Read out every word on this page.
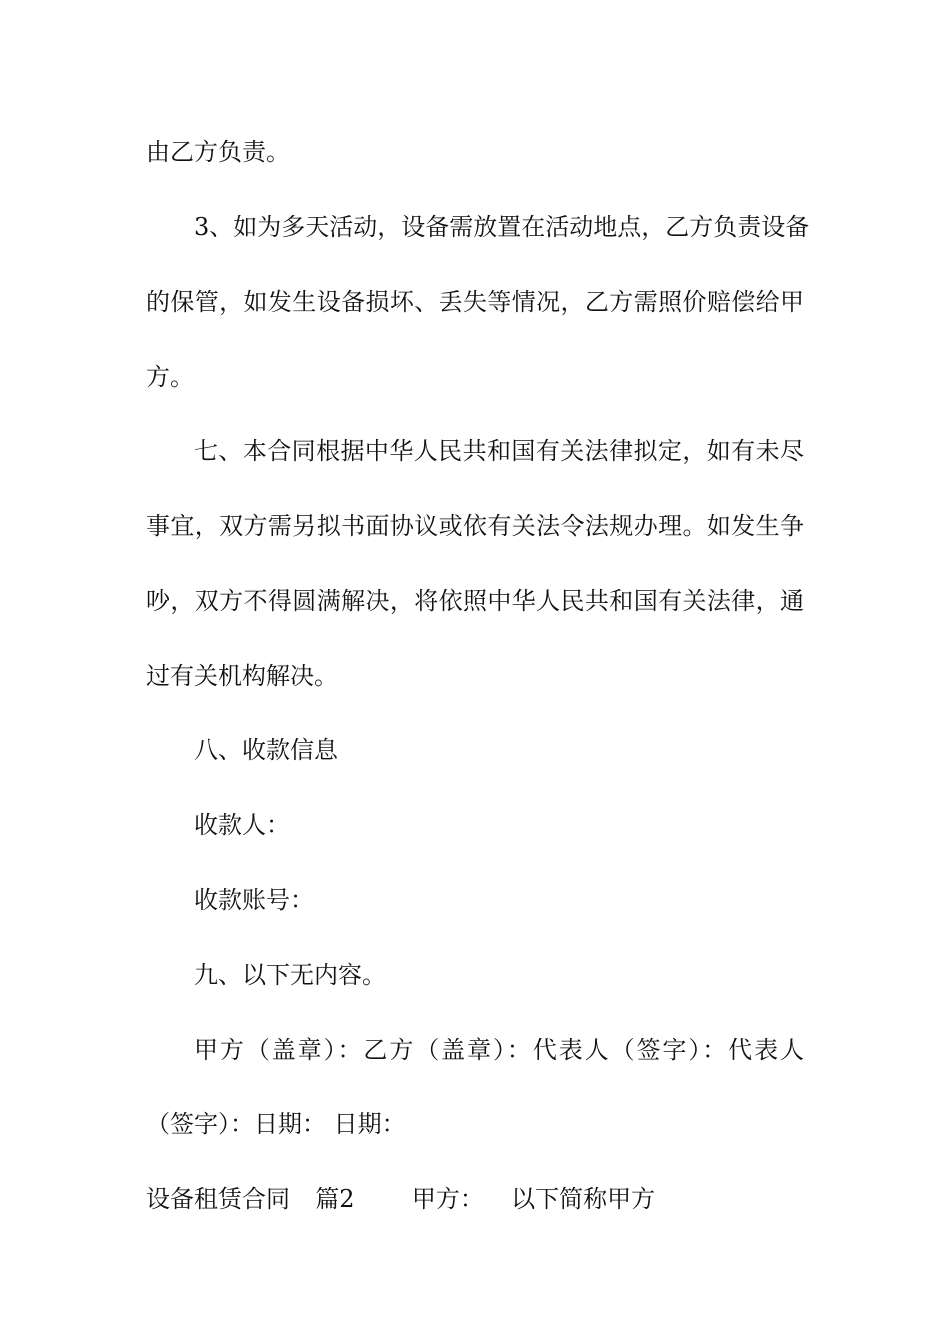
由乙方负责。
3、如为多天活动，设备需放置在活动地点，乙方负责设备
的保管，如发生设备损坏、丢失等情况，乙方需照价赔偿给甲
方。
七、本合同根据中华人民共和国有关法律拟定，如有未尽
事宜，双方需另拟书面协议或依有关法令法规办理。如发生争
吵，双方不得圆满解决，将依照中华人民共和国有关法律，通
过有关机构解决。
八、收款信息
收款人：
收款账号：
九、以下无内容。
甲方（盖章）：乙方（盖章）：代表人（签字）：代表人
（签字）：日期： 日期：
设备租赁合同 篇2 甲方： 以下简称甲方
